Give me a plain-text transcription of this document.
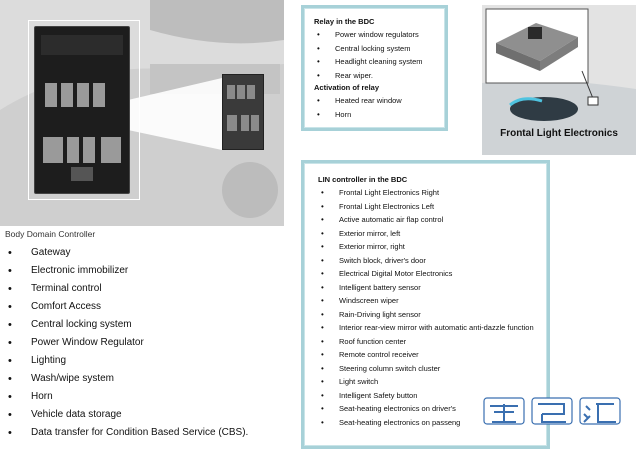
Relay in the BDC
• Power window regulators
• Central locking system
• Headlight cleaning system
• Rear wiper.
Activation of relay
• Heated rear window
• Horn
Frontal Light Electronics
LIN controller in the BDC
• Frontal Light Electronics Right
• Frontal Light Electronics Left
• Active automatic air flap control
• Exterior mirror, left
• Exterior mirror, right
• Switch block, driver's door
• Electrical Digital Motor Electronics
• Intelligent battery sensor
• Windscreen wiper
• Rain-Driving light sensor
• Interior rear-view mirror with automatic anti-dazzle function
• Roof function center
• Remote control receiver
• Steering column switch cluster
• Light switch
• Intelligent Safety button
• Seat-heating electronics on driver's
• Seat-heating electronics on passeng
Body Domain Controller
• Gateway
• Electronic immobilizer
• Terminal control
• Comfort Access
• Central locking system
• Power Window Regulator
• Lighting
• Wash/wipe system
• Horn
• Vehicle data storage
• Data transfer for Condition Based Service (CBS).
